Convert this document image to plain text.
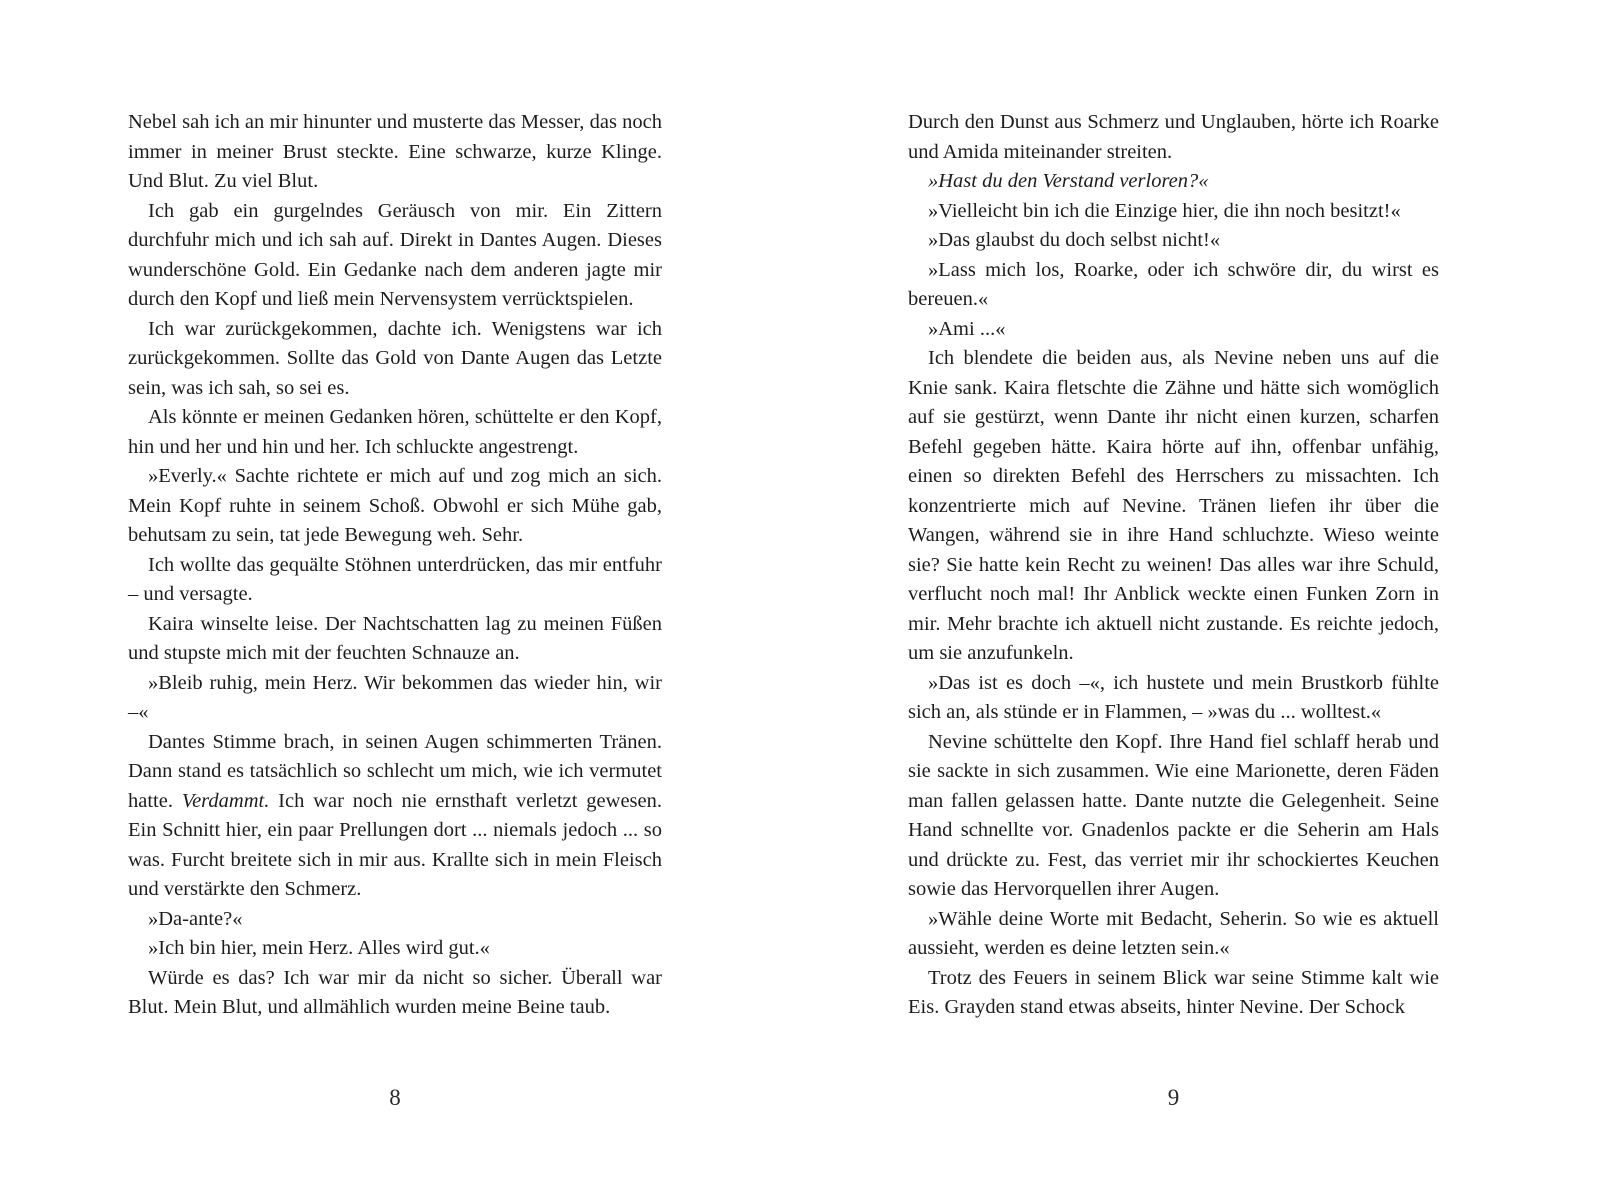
Nebel sah ich an mir hinunter und musterte das Messer, das noch immer in meiner Brust steckte. Eine schwarze, kurze Klinge. Und Blut. Zu viel Blut.

Ich gab ein gurgelndes Geräusch von mir. Ein Zittern durchfuhr mich und ich sah auf. Direkt in Dantes Augen. Dieses wunderschöne Gold. Ein Gedanke nach dem anderen jagte mir durch den Kopf und ließ mein Nervensystem verrücktspielen.

Ich war zurückgekommen, dachte ich. Wenigstens war ich zurückgekommen. Sollte das Gold von Dante Augen das Letzte sein, was ich sah, so sei es.

Als könnte er meinen Gedanken hören, schüttelte er den Kopf, hin und her und hin und her. Ich schluckte angestrengt.

»Everly.« Sachte richtete er mich auf und zog mich an sich. Mein Kopf ruhte in seinem Schoß. Obwohl er sich Mühe gab, behutsam zu sein, tat jede Bewegung weh. Sehr.

Ich wollte das gequälte Stöhnen unterdrücken, das mir entfuhr – und versagte.

Kaira winselte leise. Der Nachtschatten lag zu meinen Füßen und stupste mich mit der feuchten Schnauze an.

»Bleib ruhig, mein Herz. Wir bekommen das wieder hin, wir –«

Dantes Stimme brach, in seinen Augen schimmerten Tränen. Dann stand es tatsächlich so schlecht um mich, wie ich vermutet hatte. Verdammt. Ich war noch nie ernsthaft verletzt gewesen. Ein Schnitt hier, ein paar Prellungen dort ... niemals jedoch ... so was. Furcht breitete sich in mir aus. Krallte sich in mein Fleisch und verstärkte den Schmerz.

»Da-ante?«

»Ich bin hier, mein Herz. Alles wird gut.«

Würde es das? Ich war mir da nicht so sicher. Überall war Blut. Mein Blut, und allmählich wurden meine Beine taub.

8

Durch den Dunst aus Schmerz und Unglauben, hörte ich Roarke und Amida miteinander streiten.

»Hast du den Verstand verloren?«

»Vielleicht bin ich die Einzige hier, die ihn noch besitzt!«

»Das glaubst du doch selbst nicht!«

»Lass mich los, Roarke, oder ich schwöre dir, du wirst es bereuen.«

»Ami ...«

Ich blendete die beiden aus, als Nevine neben uns auf die Knie sank. Kaira fletschte die Zähne und hätte sich womöglich auf sie gestürzt, wenn Dante ihr nicht einen kurzen, scharfen Befehl gegeben hätte. Kaira hörte auf ihn, offenbar unfähig, einen so direkten Befehl des Herrschers zu missachten. Ich konzentrierte mich auf Nevine. Tränen liefen ihr über die Wangen, während sie in ihre Hand schluchzte. Wieso weinte sie? Sie hatte kein Recht zu weinen! Das alles war ihre Schuld, verflucht noch mal! Ihr Anblick weckte einen Funken Zorn in mir. Mehr brachte ich aktuell nicht zustande. Es reichte jedoch, um sie anzufunkeln.

»Das ist es doch –«, ich hustete und mein Brustkorb fühlte sich an, als stünde er in Flammen, – »was du ... wolltest.«

Nevine schüttelte den Kopf. Ihre Hand fiel schlaff herab und sie sackte in sich zusammen. Wie eine Marionette, deren Fäden man fallen gelassen hatte. Dante nutzte die Gelegenheit. Seine Hand schnellte vor. Gnadenlos packte er die Seherin am Hals und drückte zu. Fest, das verriet mir ihr schockiertes Keuchen sowie das Hervorquellen ihrer Augen.

»Wähle deine Worte mit Bedacht, Seherin. So wie es aktuell aussieht, werden es deine letzten sein.«

Trotz des Feuers in seinem Blick war seine Stimme kalt wie Eis. Grayden stand etwas abseits, hinter Nevine. Der Schock

9
